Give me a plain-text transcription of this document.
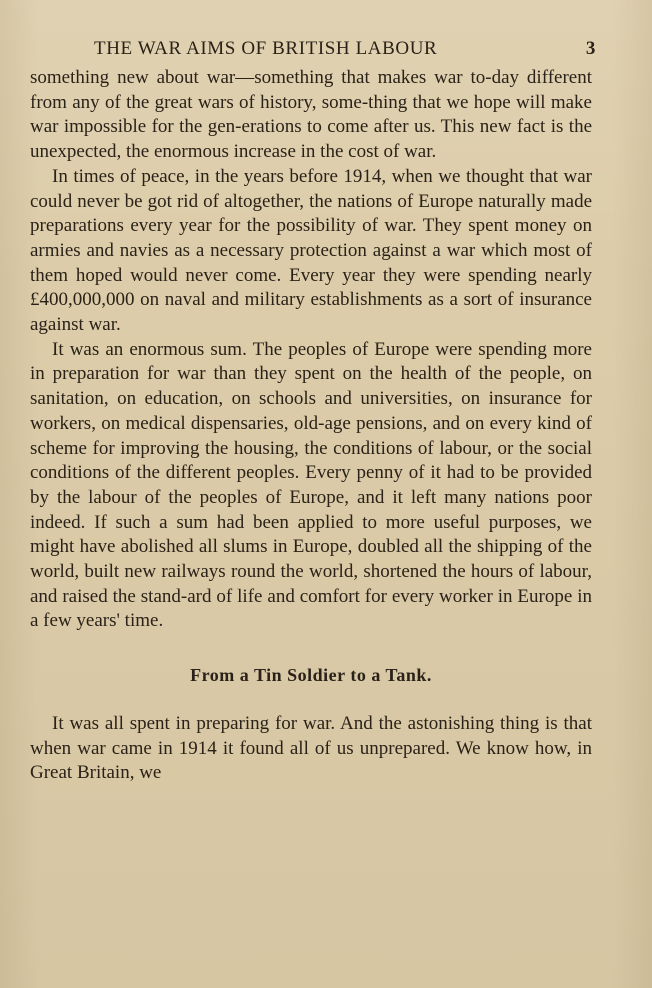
THE WAR AIMS OF BRITISH LABOUR	3

something new about war—something that makes war to-day different from any of the great wars of history, some-thing that we hope will make war impossible for the gen-erations to come after us. This new fact is the unexpected, the enormous increase in the cost of war.

In times of peace, in the years before 1914, when we thought that war could never be got rid of altogether, the nations of Europe naturally made preparations every year for the possibility of war. They spent money on armies and navies as a necessary protection against a war which most of them hoped would never come. Every year they were spending nearly £400,000,000 on naval and military establishments as a sort of insurance against war.

It was an enormous sum. The peoples of Europe were spending more in preparation for war than they spent on the health of the people, on sanitation, on education, on schools and universities, on insurance for workers, on medical dispensaries, old-age pensions, and on every kind of scheme for improving the housing, the conditions of labour, or the social conditions of the different peoples. Every penny of it had to be provided by the labour of the peoples of Europe, and it left many nations poor indeed. If such a sum had been applied to more useful purposes, we might have abolished all slums in Europe, doubled all the shipping of the world, built new railways round the world, shortened the hours of labour, and raised the stand-ard of life and comfort for every worker in Europe in a few years' time.

From a Tin Soldier to a Tank.

It was all spent in preparing for war. And the astonishing thing is that when war came in 1914 it found all of us unprepared. We know how, in Great Britain, we
